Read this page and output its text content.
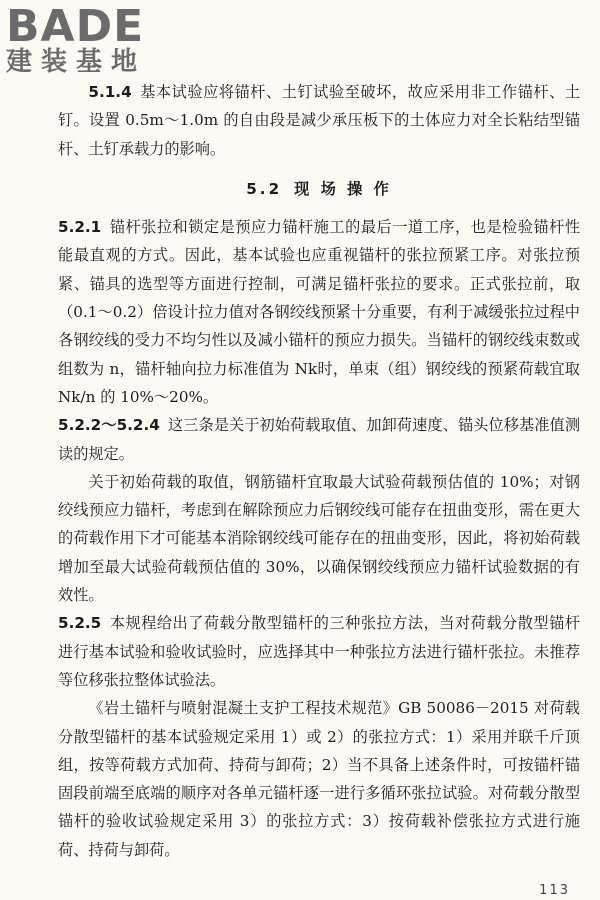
BADE
建装基地

5.1.4 基本试验应将锚杆、土钉试验至破坏，故应采用非工作锚杆、土钉。设置 0.5m～1.0m 的自由段是减少承压板下的土体应力对全长粘结型锚杆、土钉承载力的影响。

5.2 现 场 操 作

5.2.1 锚杆张拉和锁定是预应力锚杆施工的最后一道工序，也是检验锚杆性能最直观的方式。因此，基本试验也应重视锚杆的张拉预紧工序。对张拉预紧、锚具的选型等方面进行控制，可满足锚杆张拉的要求。正式张拉前，取（0.1～0.2）倍设计拉力值对各钢绞线预紧十分重要，有利于减缓张拉过程中各钢绞线的受力不均匀性以及减小锚杆的预应力损失。当锚杆的钢绞线束数或组数为 n，锚杆轴向拉力标准值为 Nk时，单束（组）钢绞线的预紧荷载宜取 Nk/n 的 10%～20%。

5.2.2～5.2.4 这三条是关于初始荷载取值、加卸荷速度、锚头位移基准值测读的规定。

关于初始荷载的取值，钢筋锚杆宜取最大试验荷载预估值的 10%；对钢绞线预应力锚杆，考虑到在解除预应力后钢绞线可能存在扭曲变形，需在更大的荷载作用下才可能基本消除钢绞线可能存在的扭曲变形，因此，将初始荷载增加至最大试验荷载预估值的 30%，以确保钢绞线预应力锚杆试验数据的有效性。

5.2.5 本规程给出了荷载分散型锚杆的三种张拉方法，当对荷载分散型锚杆进行基本试验和验收试验时，应选择其中一种张拉方法进行锚杆张拉。未推荐等位移张拉整体试验法。

《岩土锚杆与喷射混凝土支护工程技术规范》GB 50086－2015 对荷载分散型锚杆的基本试验规定采用 1）或 2）的张拉方式：1）采用并联千斤顶组，按等荷载方式加荷、持荷与卸荷；2）当不具备上述条件时，可按锚杆锚固段前端至底端的顺序对各单元锚杆逐一进行多循环张拉试验。对荷载分散型锚杆的验收试验规定采用 3）的张拉方式：3）按荷载补偿张拉方式进行施荷、持荷与卸荷。

113
